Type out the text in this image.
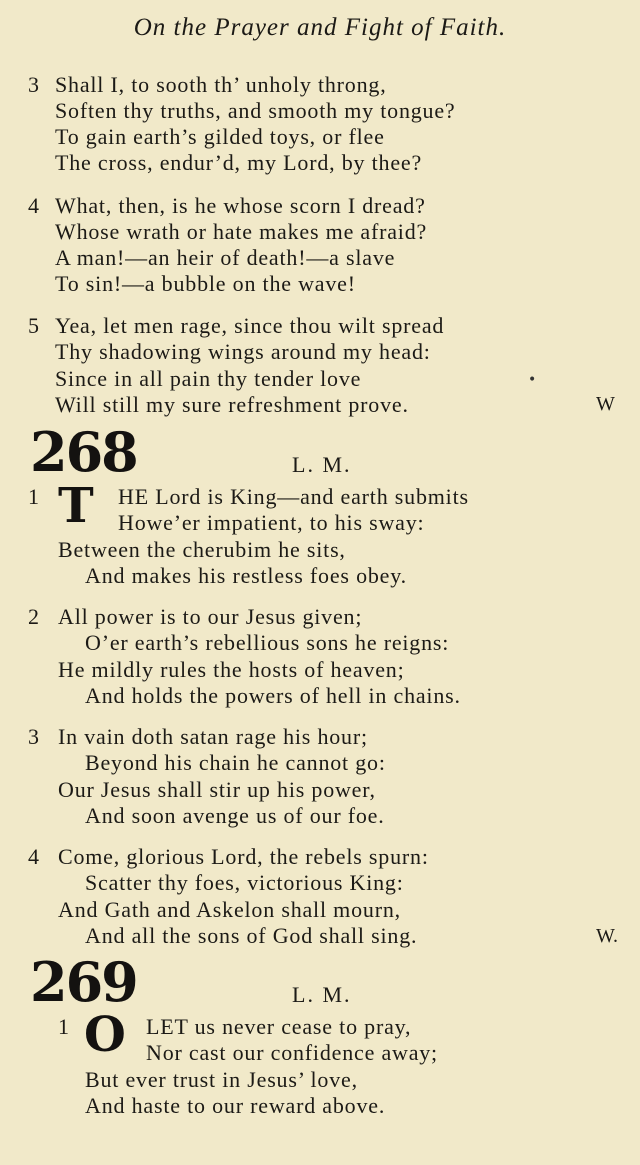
On the Prayer and Fight of Faith.
3 Shall I, to sooth th’ unholy throng,
Soften thy truths, and smooth my tongue?
To gain earth’s gilded toys, or flee
The cross, endur’d, my Lord, by thee?
4 What, then, is he whose scorn I dread?
Whose wrath or hate makes me afraid?
A man!—an heir of death!—a slave
To sin!—a bubble on the wave!
5 Yea, let men rage, since thou wilt spread
Thy shadowing wings around my head:
Since in all pain thy tender love	•
Will still my sure refreshment prove.	W
268	L. M.
1 T HE Lord is King—and earth submits
Howe’er impatient, to his sway:
Between the cherubim he sits,
And makes his restless foes obey.
2 All power is to our Jesus given;
O’er earth’s rebellious sons he reigns:
He mildly rules the hosts of heaven;
And holds the powers of hell in chains.
3 In vain doth satan rage his hour;
Beyond his chain he cannot go:
Our Jesus shall stir up his power,
And soon avenge us of our foe.
4 Come, glorious Lord, the rebels spurn:
Scatter thy foes, victorious King:
And Gath and Askelon shall mourn,
And all the sons of God shall sing.	W.
269	L. M.
1 O LET us never cease to pray,
Nor cast our confidence away;
But ever trust in Jesus’ love,
And haste to our reward above.
